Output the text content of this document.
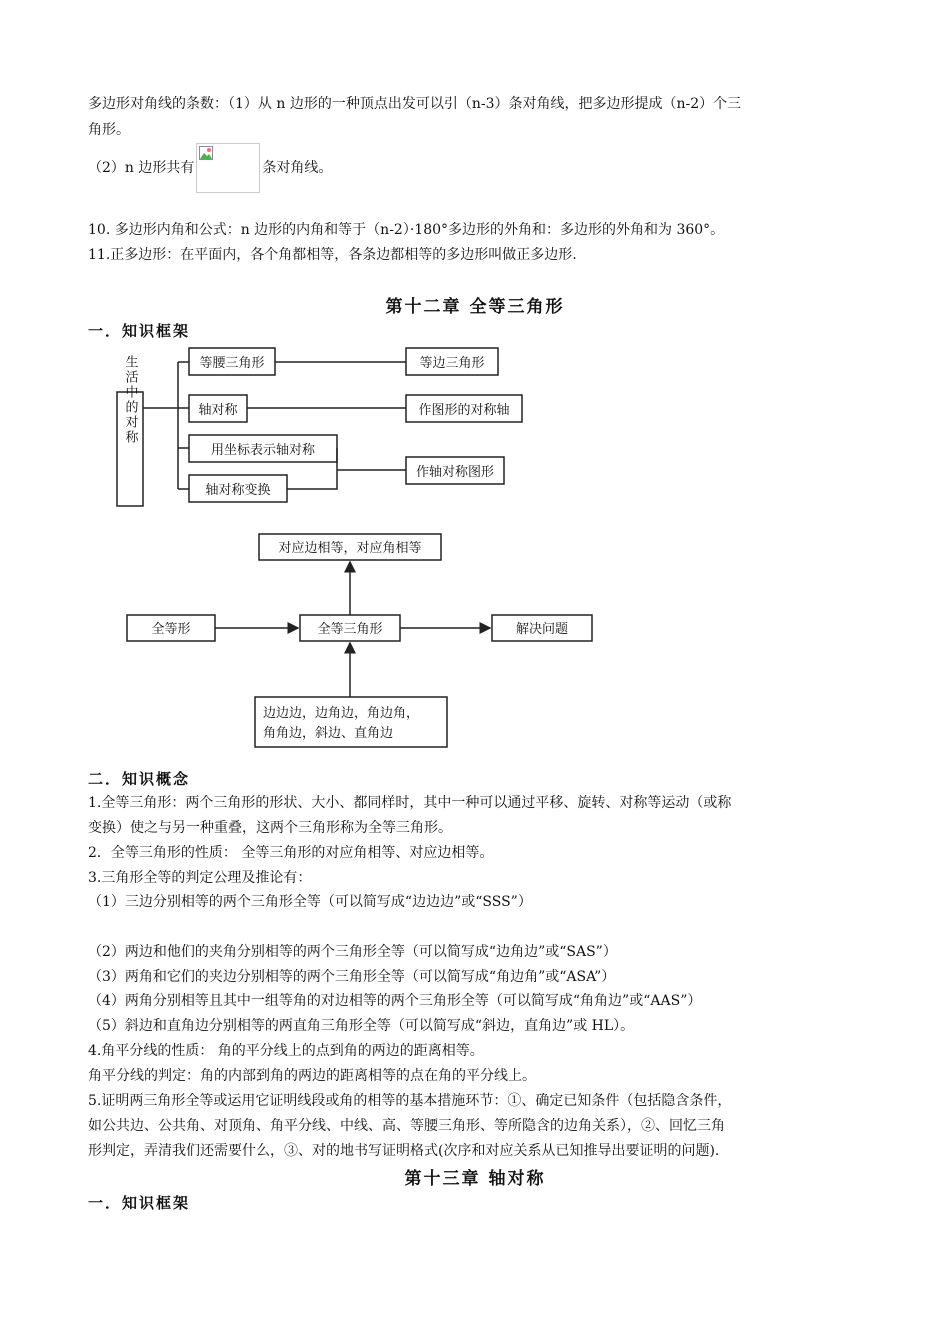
多边形对角线的条数：（1）从 n 边形的一种顶点出发可以引（n-3）条对角线，把多边形提成（n-2）个三
角形。
（2）n 边形共有	条对角线。
10. 多边形内角和公式：n 边形的内角和等于（n-2）·180°多边形的外角和：多边形的外角和为 360°。
11.正多边形：在平面内，各个角都相等，各条边都相等的多边形叫做正多边形.
第十二章 全等三角形
一．知识框架
等腰三角形	等边三角形
轴对称	作图形的对称轴
用坐标表示轴对称
作轴对称图形
轴对称变换
生活中的对称
对应边相等，对应角相等
全等形	全等三角形	解决问题
边边边，边角边，角边角，
角角边，斜边、直角边
二．知识概念
1.全等三角形：两个三角形的形状、大小、都同样时，其中一种可以通过平移、旋转、对称等运动（或称
变换）使之与另一种重叠，这两个三角形称为全等三角形。
2．全等三角形的性质： 全等三角形的对应角相等、对应边相等。
3.三角形全等的判定公理及推论有：
（1）三边分别相等的两个三角形全等（可以简写成“边边边”或“SSS”）
（2）两边和他们的夹角分别相等的两个三角形全等（可以简写成“边角边”或“SAS”）
（3）两角和它们的夹边分别相等的两个三角形全等（可以简写成“角边角”或“ASA”）
（4）两角分别相等且其中一组等角的对边相等的两个三角形全等（可以简写成“角角边”或“AAS”）
（5）斜边和直角边分别相等的两直角三角形全等（可以简写成“斜边，直角边”或 HL）。
4.角平分线的性质： 角的平分线上的点到角的两边的距离相等。
角平分线的判定：角的内部到角的两边的距离相等的点在角的平分线上。
5.证明两三角形全等或运用它证明线段或角的相等的基本措施环节：①、确定已知条件（包括隐含条件，
如公共边、公共角、对顶角、角平分线、中线、高、等腰三角形、等所隐含的边角关系），②、回忆三角
形判定，弄清我们还需要什么，③、对的地书写证明格式(次序和对应关系从已知推导出要证明的问题).
第十三章 轴对称
一．知识框架
